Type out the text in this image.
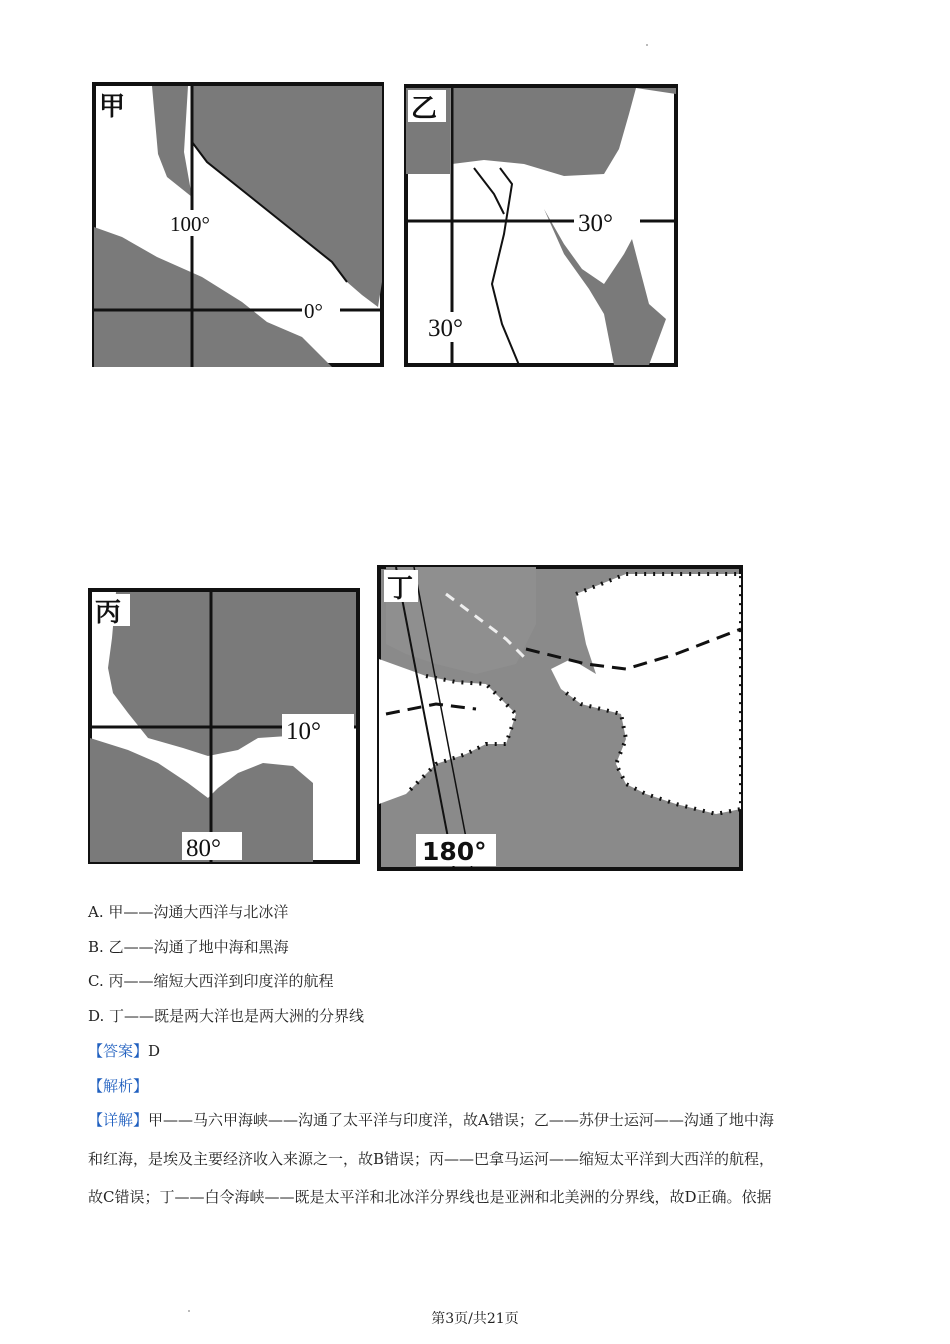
甲
100°
0°
乙
30°
30°
丙
10°
80°
丁
180°
A. 甲——沟通大西洋与北冰洋
B. 乙——沟通了地中海和黑海
C. 丙——缩短大西洋到印度洋的航程
D. 丁——既是两大洋也是两大洲的分界线
【答案】D
【解析】
【详解】甲——马六甲海峡——沟通了太平洋与印度洋，故A错误；乙——苏伊士运河——沟通了地中海
和红海，是埃及主要经济收入来源之一，故B错误；丙——巴拿马运河——缩短太平洋到大西洋的航程，
故C错误；丁——白令海峡——既是太平洋和北冰洋分界线也是亚洲和北美洲的分界线，故D正确。依据
第3页/共21页
